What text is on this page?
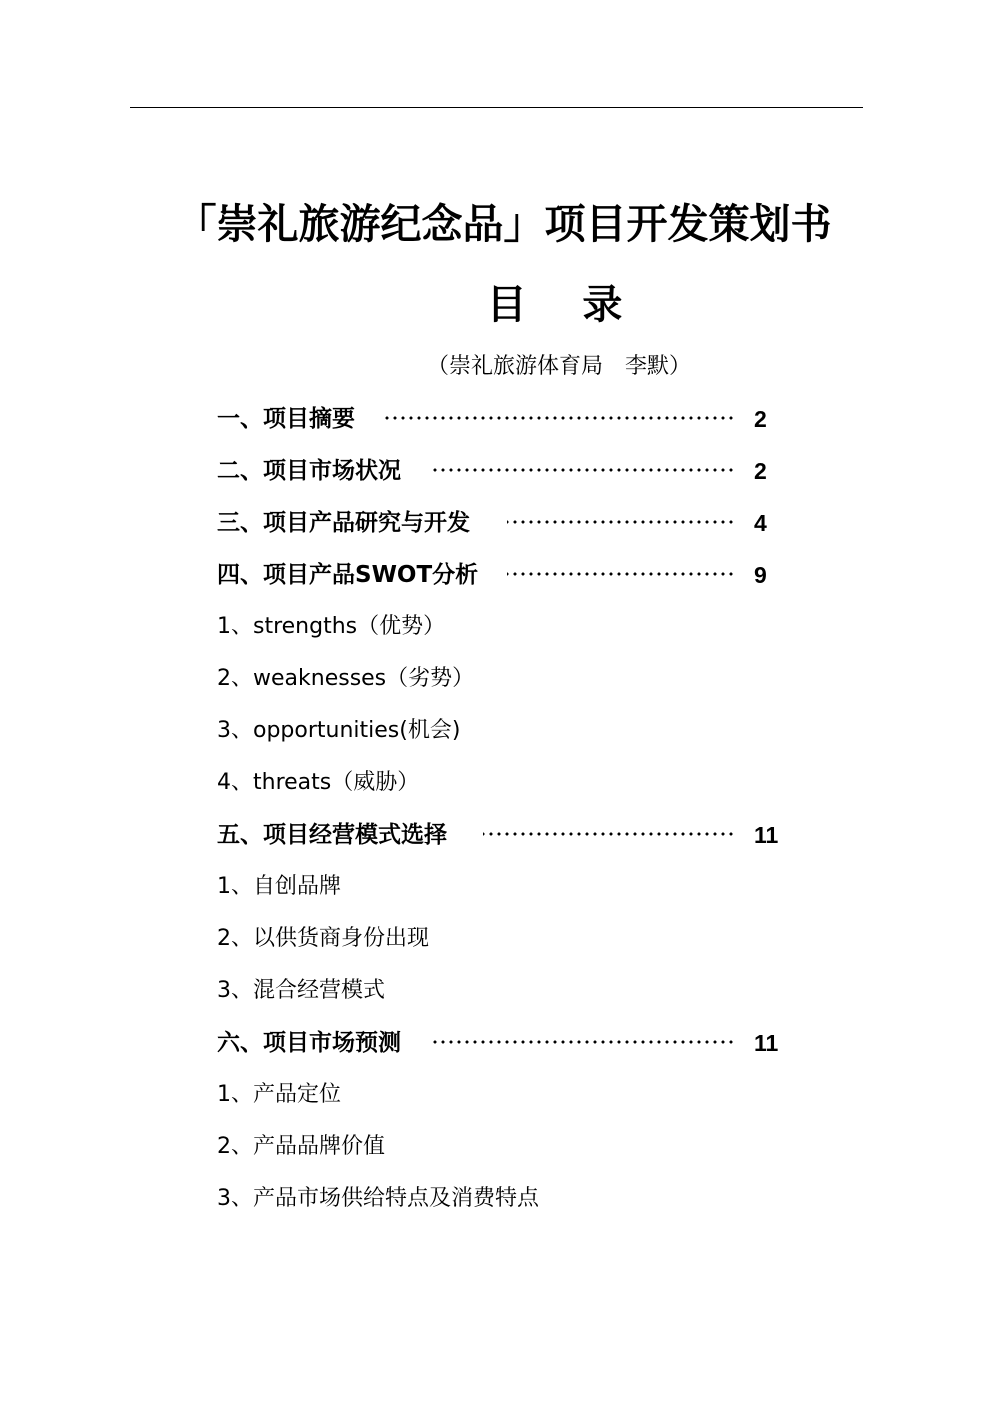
「崇礼旅游纪念品」项目开发策划书
目    录
（崇礼旅游体育局　李默）
一、项目摘要	2
二、项目市场状况	2
三、项目产品研究与开发	4
四、项目产品SWOT分析	9
1、strengths（优势）
2、weaknesses（劣势）
3、opportunities(机会)
4、threats（威胁）
五、项目经营模式选择	11
1、自创品牌
2、以供货商身份出现
3、混合经营模式
六、项目市场预测	11
1、产品定位
2、产品品牌价值
3、产品市场供给特点及消费特点
